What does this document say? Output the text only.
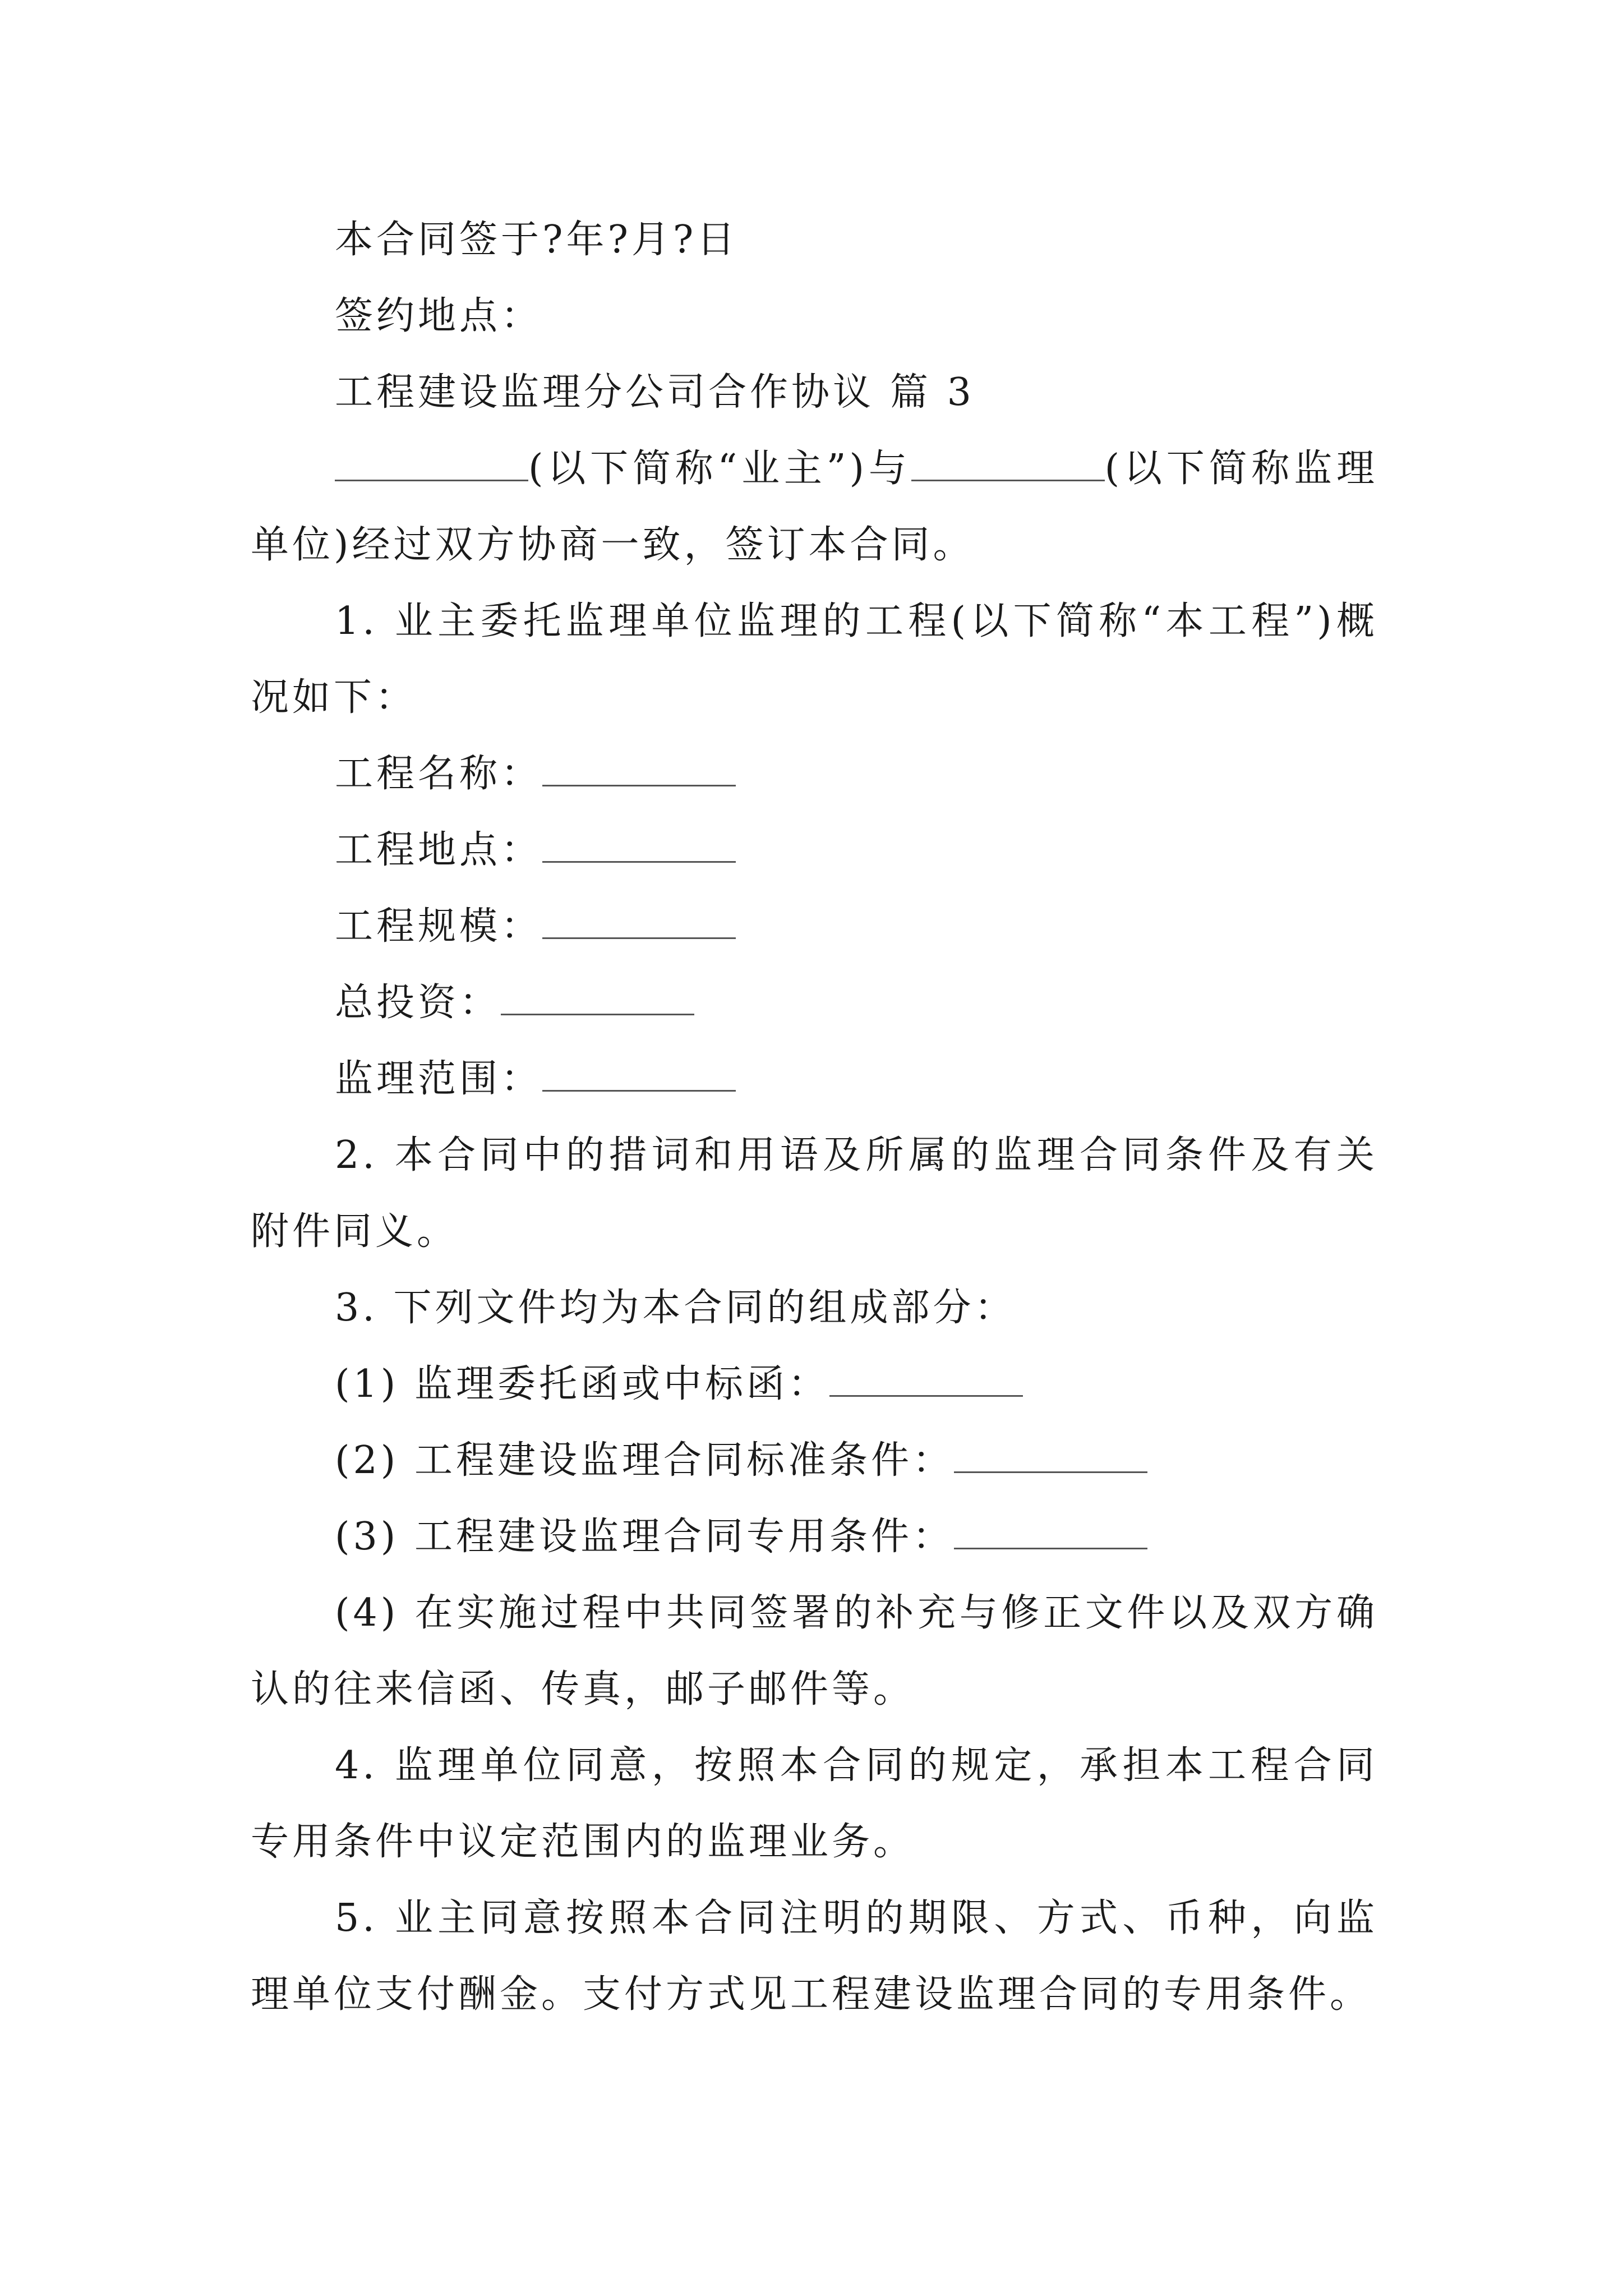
本合同签于?年?月?日
签约地点：
工程建设监理分公司合作协议 篇 3
(以下简称“业主”)与	(以下简称监理单位)经过双方协商一致，签订本合同。
1. 业主委托监理单位监理的工程(以下简称“本工程”)概况如下：
工程名称：
工程地点：
工程规模：
总投资：
监理范围：
2. 本合同中的措词和用语及所属的监理合同条件及有关附件同义。
3. 下列文件均为本合同的组成部分：
(1) 监理委托函或中标函：
(2) 工程建设监理合同标准条件：
(3) 工程建设监理合同专用条件：
(4) 在实施过程中共同签署的补充与修正文件以及双方确认的往来信函、传真，邮子邮件等。
4. 监理单位同意，按照本合同的规定，承担本工程合同专用条件中议定范围内的监理业务。
5. 业主同意按照本合同注明的期限、方式、币种，向监理单位支付酬金。支付方式见工程建设监理合同的专用条件。
